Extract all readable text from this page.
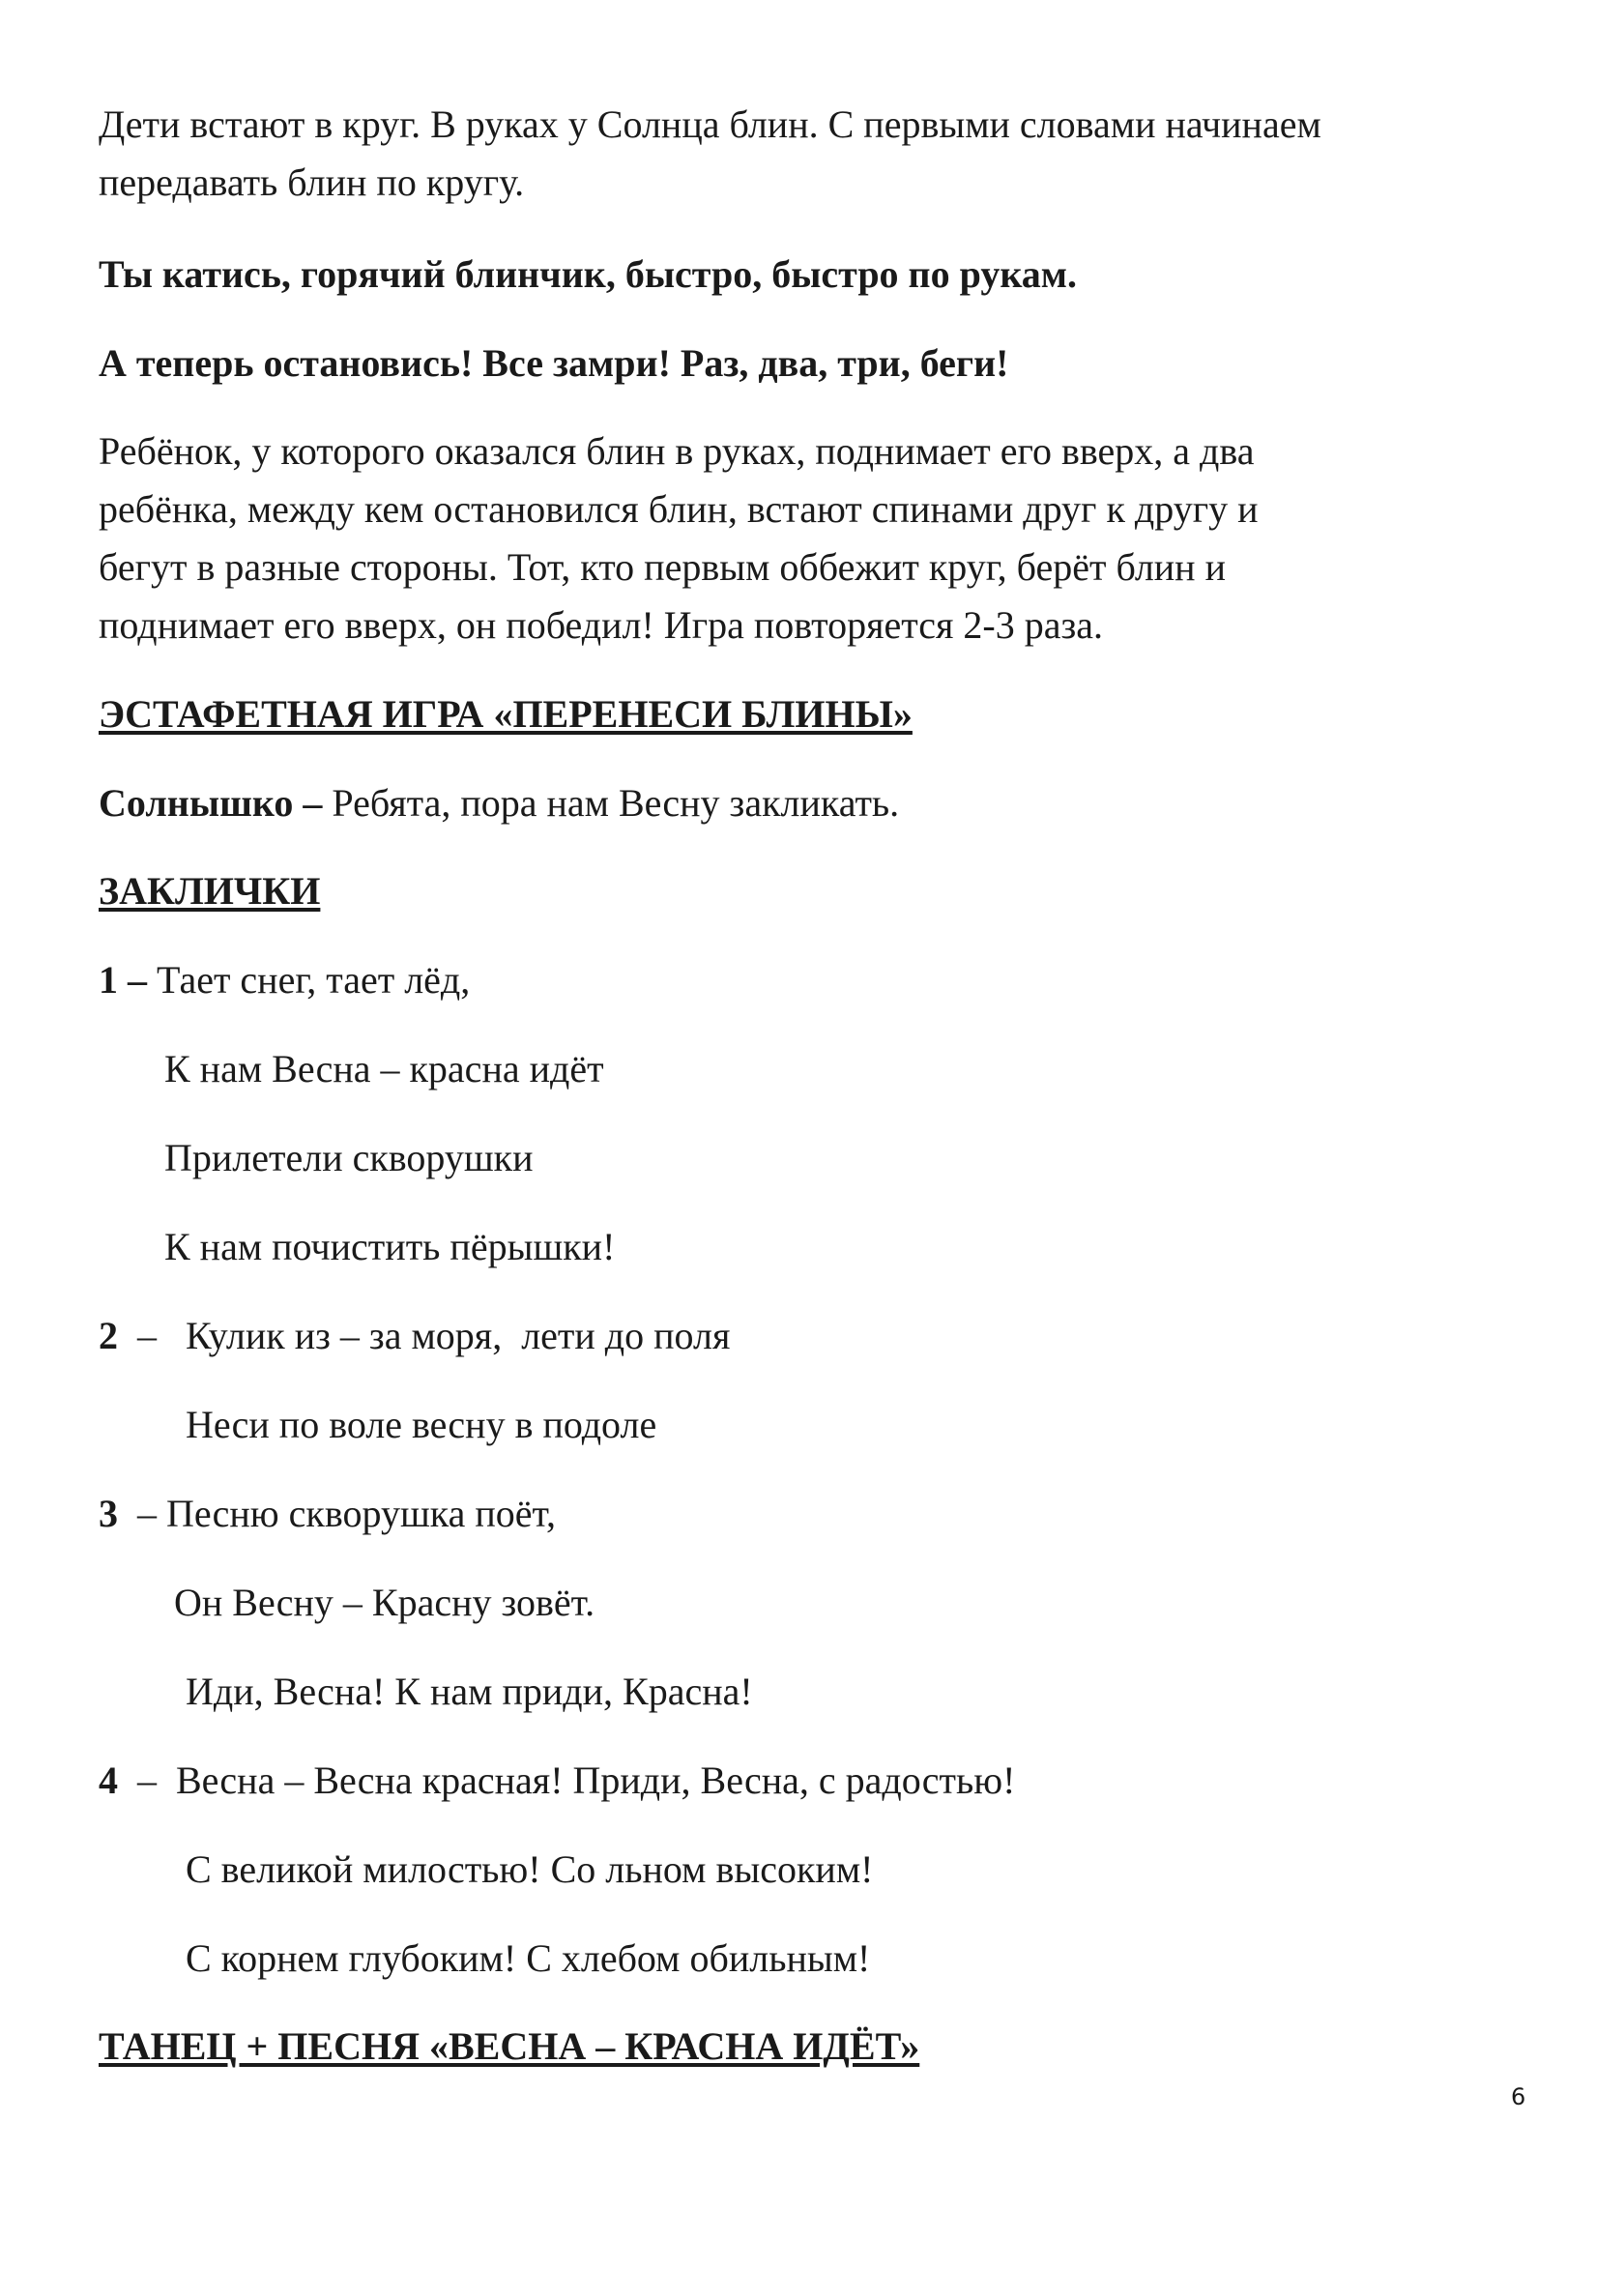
Дети встают в круг. В руках у Солнца блин. С первыми словами начинаем
передавать блин по кругу.
Ты катись, горячий блинчик, быстро, быстро по рукам.
А теперь остановись! Все замри! Раз, два, три, беги!
Ребёнок, у которого оказался блин в руках, поднимает его вверх, а два
ребёнка, между кем остановился блин, встают спинами друг к другу и
бегут в разные стороны. Тот, кто первым оббежит круг, берёт блин и
поднимает его вверх, он победил! Игра повторяется 2-3 раза.
ЭСТАФЕТНАЯ ИГРА «ПЕРЕНЕСИ БЛИНЫ»
Солнышко – Ребята, пора нам Весну закликать.
ЗАКЛИЧКИ
1 – Тает снег, тает лёд,
К нам Весна – красна идёт
Прилетели скворушки
К нам почистить пёрышки!
2  –   Кулик из – за моря,  лети до поля
Неси по воле весну в подоле
3  – Песню скворушка поёт,
Он Весну – Красну зовёт.
Иди, Весна! К нам приди, Красна!
4  –  Весна – Весна красная! Приди, Весна, с радостью!
С великой милостью! Со льном высоким!
С корнем глубоким! С хлебом обильным!
ТАНЕЦ + ПЕСНЯ «ВЕСНА – КРАСНА ИДЁТ»
6
